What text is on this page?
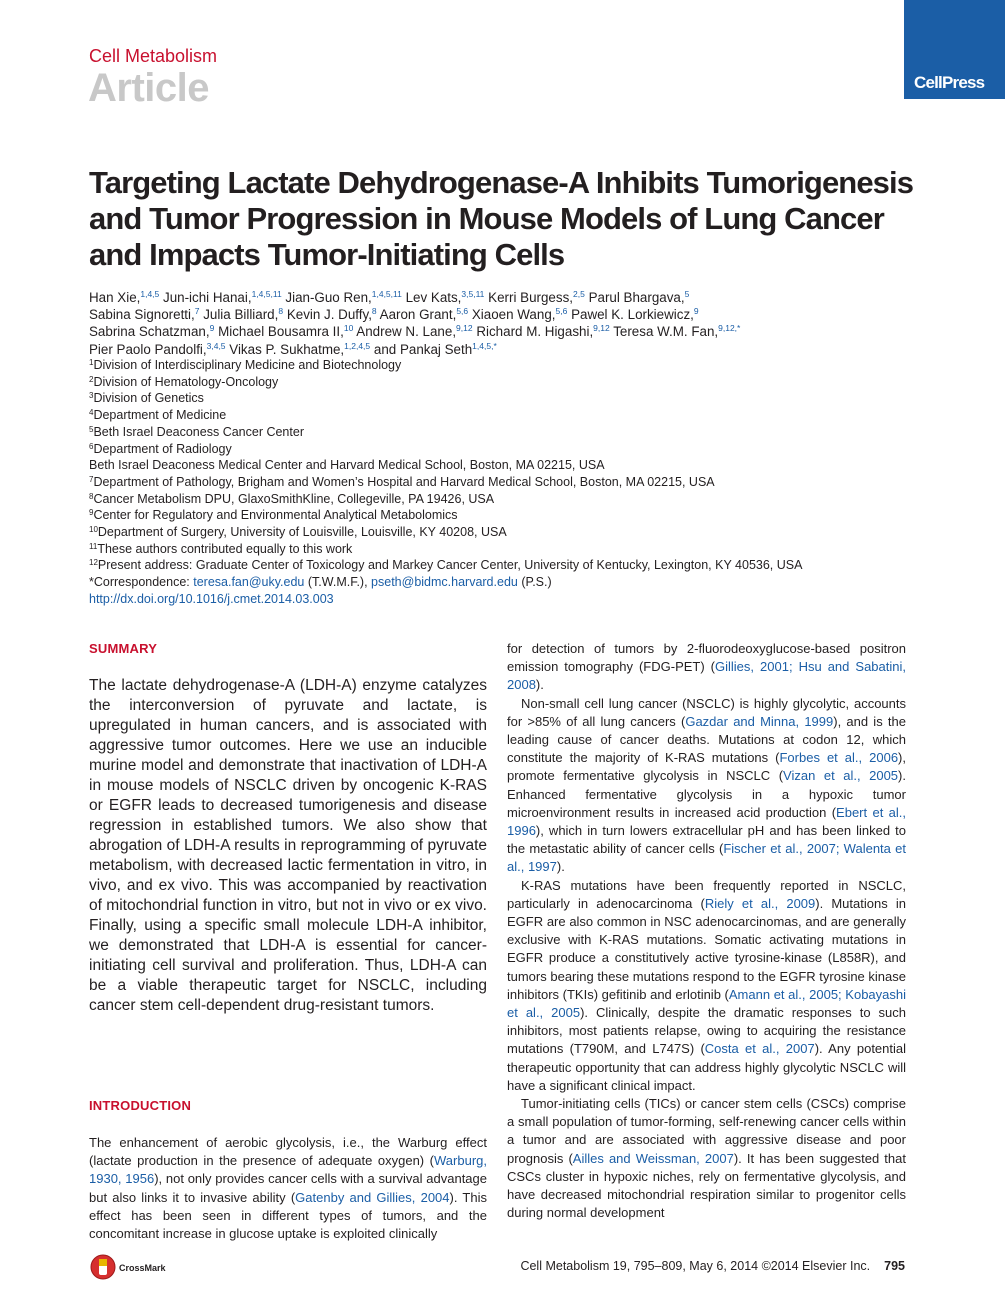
Cell Metabolism
Article	CellPress
Targeting Lactate Dehydrogenase-A Inhibits Tumorigenesis and Tumor Progression in Mouse Models of Lung Cancer and Impacts Tumor-Initiating Cells
Han Xie,$^{1,4,5}$ Jun-ichi Hanai,$^{1,4,5,11}$ Jian-Guo Ren,$^{1,4,5,11}$ Lev Kats,$^{3,5,11}$ Kerri Burgess,$^{2,5}$ Parul Bhargava,$^5$
Sabina Signoretti,$^7$ Julia Billiard,$^8$ Kevin J. Duffy,$^8$ Aaron Grant,$^{5,6}$ Xiaoen Wang,$^{5,6}$ Pawel K. Lorkiewicz,$^9$
Sabrina Schatzman,$^9$ Michael Bousamra II,$^{10}$ Andrew N. Lane,$^{9,12}$ Richard M. Higashi,$^{9,12}$ Teresa W.M. Fan,$^{9,12,*}$
Pier Paolo Pandolfi,$^{3,4,5}$ Vikas P. Sukhatme,$^{1,2,4,5}$ and Pankaj Seth$^{1,4,5,*}$
$^1$Division of Interdisciplinary Medicine and Biotechnology
$^2$Division of Hematology-Oncology
$^3$Division of Genetics
$^4$Department of Medicine
$^5$Beth Israel Deaconess Cancer Center
$^6$Department of Radiology
Beth Israel Deaconess Medical Center and Harvard Medical School, Boston, MA 02215, USA
$^7$Department of Pathology, Brigham and Women’s Hospital and Harvard Medical School, Boston, MA 02215, USA
$^8$Cancer Metabolism DPU, GlaxoSmithKline, Collegeville, PA 19426, USA
$^9$Center for Regulatory and Environmental Analytical Metabolomics
$^{10}$Department of Surgery, University of Louisville, Louisville, KY 40208, USA
$^{11}$These authors contributed equally to this work
$^{12}$Present address: Graduate Center of Toxicology and Markey Cancer Center, University of Kentucky, Lexington, KY 40536, USA
*Correspondence: teresa.fan@uky.edu (T.W.M.F.), pseth@bidmc.harvard.edu (P.S.)
http://dx.doi.org/10.1016/j.cmet.2014.03.003
SUMMARY

The lactate dehydrogenase-A (LDH-A) enzyme catalyzes the interconversion of pyruvate and lactate, is upregulated in human cancers, and is associated with aggressive tumor outcomes. Here we use an inducible murine model and demonstrate that inactivation of LDH-A in mouse models of NSCLC driven by oncogenic K-RAS or EGFR leads to decreased tumorigenesis and disease regression in established tumors. We also show that abrogation of LDH-A results in reprogramming of pyruvate metabolism, with decreased lactic fermentation in vitro, in vivo, and ex vivo. This was accompanied by reactivation of mitochondrial function in vitro, but not in vivo or ex vivo. Finally, using a specific small molecule LDH-A inhibitor, we demonstrated that LDH-A is essential for cancer-initiating cell survival and proliferation. Thus, LDH-A can be a viable therapeutic target for NSCLC, including cancer stem cell-dependent drug-resistant tumors.

INTRODUCTION

The enhancement of aerobic glycolysis, i.e., the Warburg effect (lactate production in the presence of adequate oxygen) (Warburg, 1930, 1956), not only provides cancer cells with a survival advantage but also links it to invasive ability (Gatenby and Gillies, 2004). This effect has been seen in different types of tumors, and the concomitant increase in glucose uptake is exploited clinically

for detection of tumors by 2-fluorodeoxyglucose-based positron emission tomography (FDG-PET) (Gillies, 2001; Hsu and Sabatini, 2008).

Non-small cell lung cancer (NSCLC) is highly glycolytic, accounts for >85% of all lung cancers (Gazdar and Minna, 1999), and is the leading cause of cancer deaths. Mutations at codon 12, which constitute the majority of K-RAS mutations (Forbes et al., 2006), promote fermentative glycolysis in NSCLC (Vizan et al., 2005). Enhanced fermentative glycolysis in a hypoxic tumor microenvironment results in increased acid production (Ebert et al., 1996), which in turn lowers extracellular pH and has been linked to the metastatic ability of cancer cells (Fischer et al., 2007; Walenta et al., 1997).

K-RAS mutations have been frequently reported in NSCLC, particularly in adenocarcinoma (Riely et al., 2009). Mutations in EGFR are also common in NSC adenocarcinomas, and are generally exclusive with K-RAS mutations. Somatic activating mutations in EGFR produce a constitutively active tyrosine-kinase (L858R), and tumors bearing these mutations respond to the EGFR tyrosine kinase inhibitors (TKIs) gefitinib and erlotinib (Amann et al., 2005; Kobayashi et al., 2005). Clinically, despite the dramatic responses to such inhibitors, most patients relapse, owing to acquiring the resistance mutations (T790M, and L747S) (Costa et al., 2007). Any potential therapeutic opportunity that can address highly glycolytic NSCLC will have a significant clinical impact.

Tumor-initiating cells (TICs) or cancer stem cells (CSCs) comprise a small population of tumor-forming, self-renewing cancer cells within a tumor and are associated with aggressive disease and poor prognosis (Ailles and Weissman, 2007). It has been suggested that CSCs cluster in hypoxic niches, rely on fermentative glycolysis, and have decreased mitochondrial respiration similar to progenitor cells during normal development

CrossMark	Cell Metabolism 19, 795–809, May 6, 2014 ©2014 Elsevier Inc. 795
